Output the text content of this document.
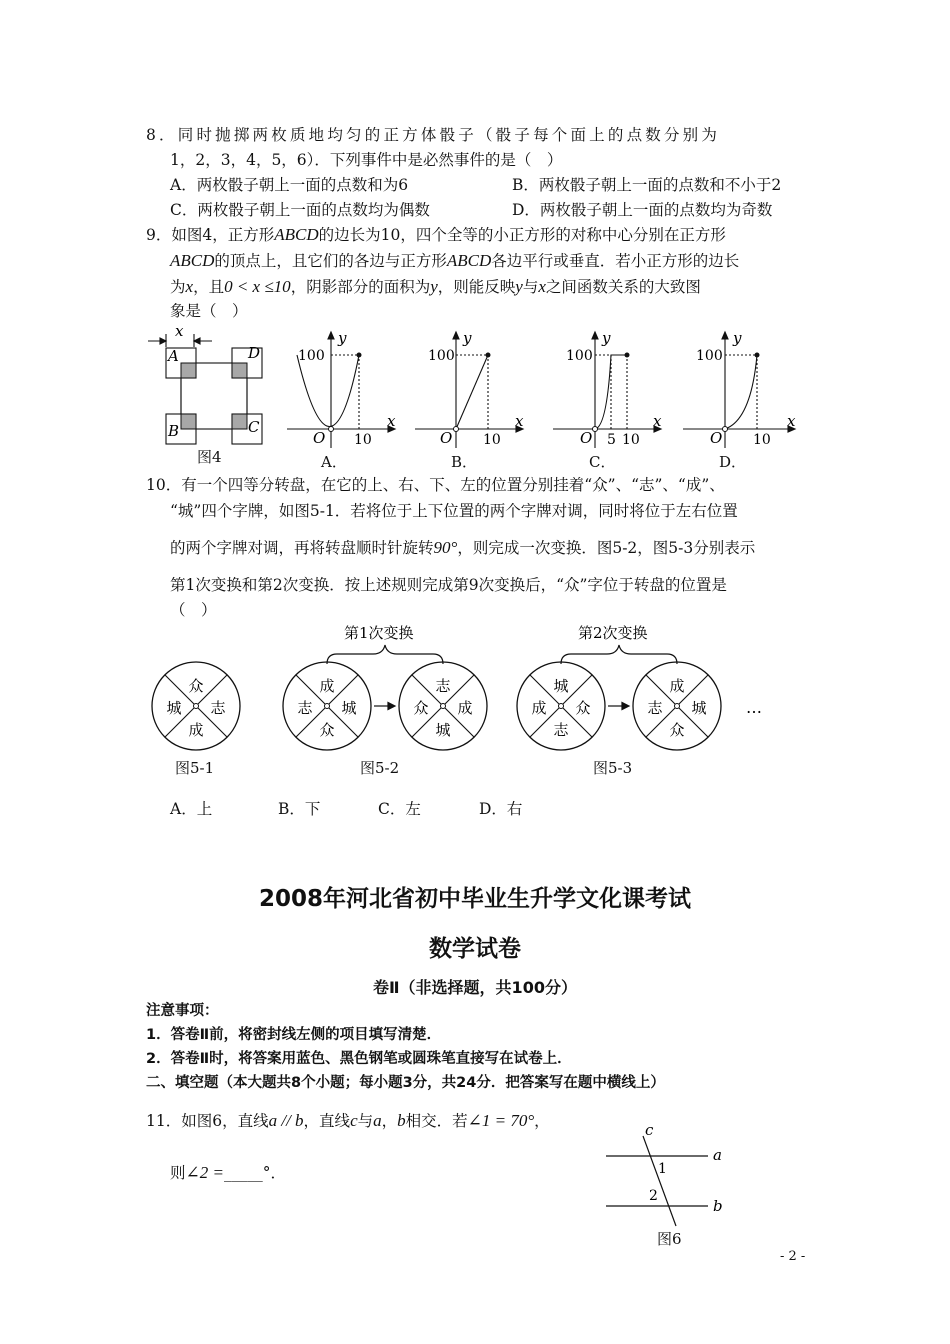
8．同时抛掷两枚质地均匀的正方体骰子（骰子每个面上的点数分别为
1，2，3，4，5，6）．下列事件中是必然事件的是（　）
A．两枚骰子朝上一面的点数和为6	B．两枚骰子朝上一面的点数和不小于2
C．两枚骰子朝上一面的点数均为偶数	D．两枚骰子朝上一面的点数均为奇数
9．如图4，正方形ABCD的边长为10，四个全等的小正方形的对称中心分别在正方形
ABCD的顶点上，且它们的各边与正方形ABCD各边平行或垂直．若小正方形的边长
为x，且0 < x ≤10，阴影部分的面积为y，则能反映y与x之间函数关系的大致图
象是（　）
x
A	D
B	C
图4
y
x
100
O 10
A．
y
x
100
O 10
B．
y
x
100
O 5 10
C．
y
x
100
O 10
D．
10．有一个四等分转盘，在它的上、右、下、左的位置分别挂着“众”、“志”、“成”、
“城”四个字牌，如图5-1．若将位于上下位置的两个字牌对调，同时将位于左右位置
的两个字牌对调，再将转盘顺时针旋转90°，则完成一次变换．图5-2，图5-3分别表示
第1次变换和第2次变换．按上述规则完成第9次变换后，“众”字位于转盘的位置是
（　）
第1次变换	第2次变换
众
志
成
城
成
城
众
志
志
成
城
众
城
众
志
成
成
城
众
志	…
图5-1	图5-2	图5-3
A．上	B．下	C．左	D．右
2008年河北省初中毕业生升学文化课考试
数学试卷
卷Ⅱ（非选择题，共100分）
注意事项：
1．答卷Ⅱ前，将密封线左侧的项目填写清楚．
2．答卷Ⅱ时，将答案用蓝色、黑色钢笔或圆珠笔直接写在试卷上．
二、填空题（本大题共8个小题；每小题3分，共24分．把答案写在题中横线上）
11．如图6，直线a // b，直线c与a，b相交．若∠1 = 70°，
则∠2 =_____°．
c
a
b
1
2
图6
- 2 -
